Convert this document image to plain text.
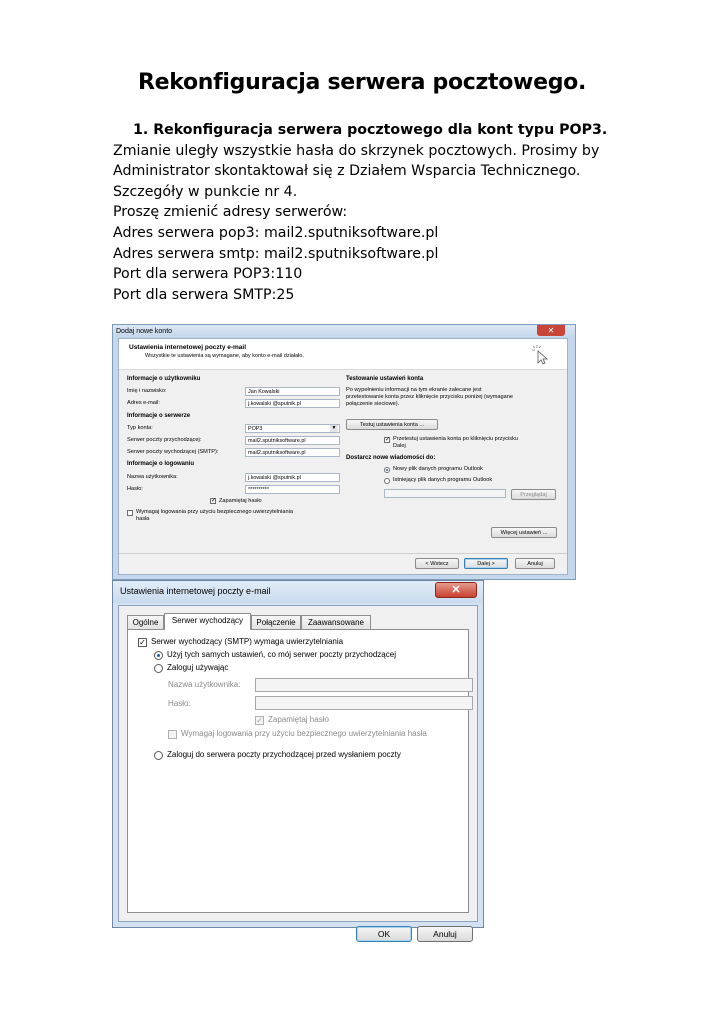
Rekonfiguracja serwera pocztowego.

1. Rekonfiguracja serwera pocztowego dla kont typu POP3.

Zmianie uległy wszystkie hasła do skrzynek pocztowych. Prosimy by Administrator skontaktował się z Działem Wsparcia Technicznego. Szczegóły w punkcie nr 4.

Proszę zmienić adresy serwerów:

Adres serwera pop3: mail2.sputniksoftware.pl

Adres serwera smtp: mail2.sputniksoftware.pl

Port dla serwera POP3:110

Port dla serwera SMTP:25

Dodaj nowe konto	✕
Ustawienia internetowej poczty e-mail
Wszystkie te ustawienia są wymagane, aby konto e-mail działało.
Informacje o użytkowniku
Imię i nazwisko:	Jan Kowalski
Adres e-mail:	j.kowalski @sputnik.pl
Informacje o serwerze
Typ konta:	POP3	▼
Serwer poczty przychodzącej:	mail2.sputniksoftware.pl
Serwer poczty wychodzącej (SMTP):	mail2.sputniksoftware.pl
Informacje o logowaniu
Nazwa użytkownika:	j.kowalski @sputnik.pl
Hasło:	**********
✓ Zapamiętaj hasło
Wymagaj logowania przy użyciu bezpiecznego uwierzytelniania hasła
Testowanie ustawień konta
Po wypełnieniu informacji na tym ekranie zalecane jest przetestowanie konta przez kliknięcie przycisku poniżej (wymagane połączenie sieciowe).
Testuj ustawienia konta ...
✓ Przetestuj ustawienia konta po kliknięciu przycisku Dalej
Dostarcz nowe wiadomości do:
Nowy plik danych programu Outlook
Istniejący plik danych programu Outlook
Przeglądaj
Więcej ustawień ...
< Wstecz	Dalej >	Anuluj
Ustawienia internetowej poczty e-mail	✕
Ogólne	Serwer wychodzący	Połączenie	Zaawansowane
✓ Serwer wychodzący (SMTP) wymaga uwierzytelniania
Użyj tych samych ustawień, co mój serwer poczty przychodzącej
Zaloguj używając
Nazwa użytkownika:
Hasło:
✓ Zapamiętaj hasło
Wymagaj logowania przy użyciu bezpiecznego uwierzytelniania hasła
Zaloguj do serwera poczty przychodzącej przed wysłaniem poczty
OK	Anuluj
